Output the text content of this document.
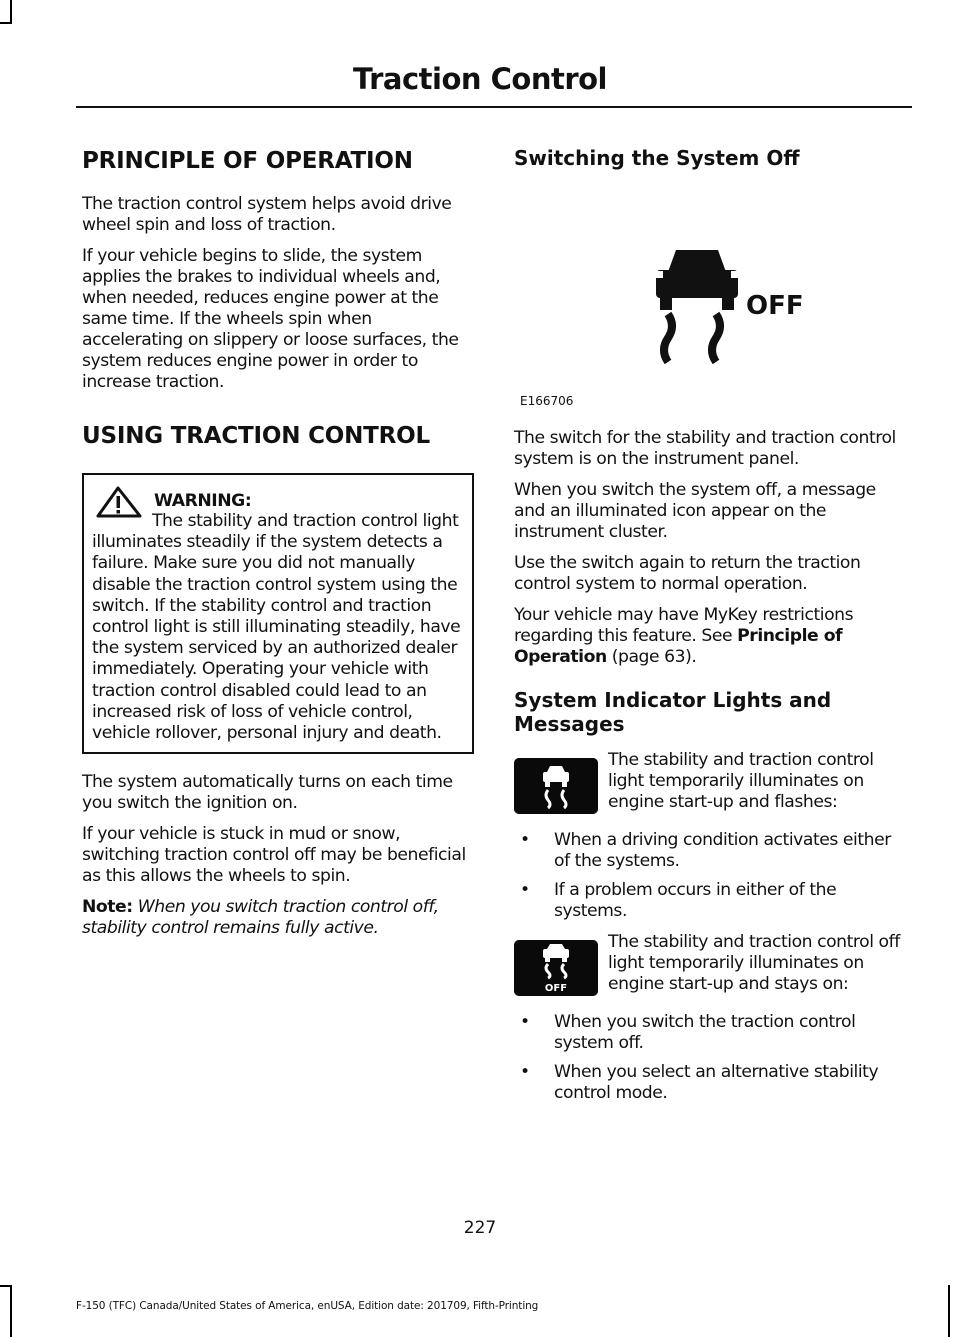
Traction Control
PRINCIPLE OF OPERATION

The traction control system helps avoid drive wheel spin and loss of traction.

If your vehicle begins to slide, the system applies the brakes to individual wheels and, when needed, reduces engine power at the same time. If the wheels spin when accelerating on slippery or loose surfaces, the system reduces engine power in order to increase traction.

USING TRACTION CONTROL
WARNING:
The stability and traction control light illuminates steadily if the system detects a failure. Make sure you did not manually disable the traction control system using the switch. If the stability control and traction control light is still illuminating steadily, have the system serviced by an authorized dealer immediately. Operating your vehicle with traction control disabled could lead to an increased risk of loss of vehicle control, vehicle rollover, personal injury and death.

The system automatically turns on each time you switch the ignition on.

If your vehicle is stuck in mud or snow, switching traction control off may be beneficial as this allows the wheels to spin.

Note: When you switch traction control off, stability control remains fully active.

Switching the System Off
OFF
E166706

The switch for the stability and traction control system is on the instrument panel.

When you switch the system off, a message and an illuminated icon appear on the instrument cluster.

Use the switch again to return the traction control system to normal operation.

Your vehicle may have MyKey restrictions regarding this feature. See Principle of Operation (page 63).

System Indicator Lights and Messages

The stability and traction control light temporarily illuminates on engine start-up and flashes:

•	When a driving condition activates either of the systems.
•	If a problem occurs in either of the systems.
OFF

The stability and traction control off light temporarily illuminates on engine start-up and stays on:

•	When you switch the traction control system off.
•	When you select an alternative stability control mode.
227
F-150 (TFC) Canada/United States of America, enUSA, Edition date: 201709, Fifth-Printing
